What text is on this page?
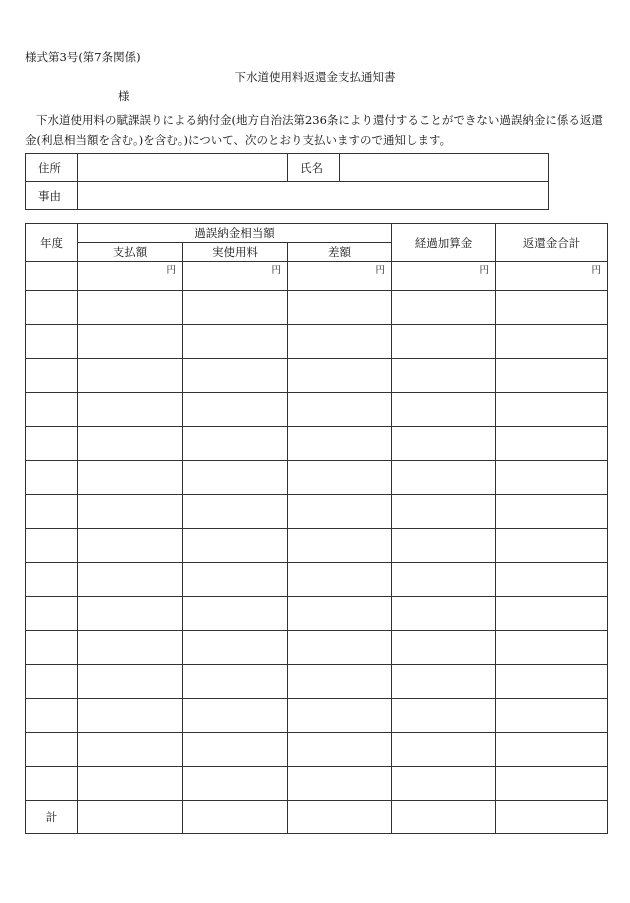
様式第3号(第7条関係)
下水道使用料返還金支払通知書
様
下水道使用料の賦課誤りによる納付金(地方自治法第236条により還付することができない過誤納金に係る返還金(利息相当額を含む。)を含む。)について、次のとおり支払いますので通知します。
住所		氏名	
事由			
年度	過誤納金相当額			経過加算金	返還金合計
	支払額	実使用料	差額		
	円	円	円	円	円

計					
